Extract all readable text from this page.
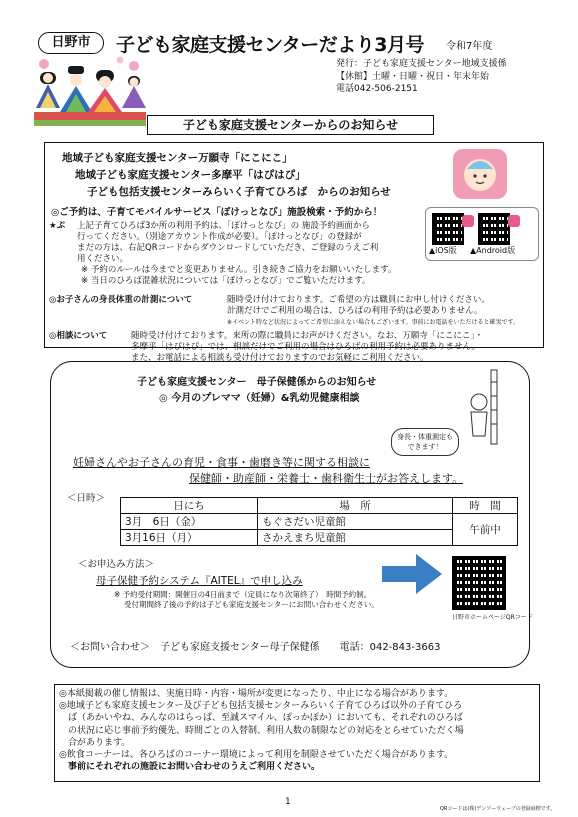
日野市	子ども家庭支援センターだより3月号 令和7年度
発行：子ども家庭支援センター地域支援係
【休館】土曜・日曜・祝日・年末年始
電話042-506-2151
子ども家庭支援センターからのお知らせ
地域子ども家庭支援センター万願寺「にこにこ」
地域子ども家庭支援センター多摩平「はぴはぴ」
子ども包括支援センターみらいく子育てひろば　からのお知らせ
◎ご予約は、子育てモバイルサービス「ぽけっとなび」施設検索・予約から！
★ぷ 上記子育てひろば3か所の利用予約は、「ぽけっとなび」の 施設予約画面から
行ってください。（別途アカウント作成が必要）。「ぽけっとなび」の登録が
まだの方は、右記QRコードからダウンロードしていただき、ご登録のうえご利
用ください。
※ 予約のルールは今までと変更ありません。引き続きご協力をお願いいたします。
※ 当日のひろば混雑状況については「ぽけっとなび」でご覧いただけます。
▲iOS版 ▲Android版
◎お子さんの身長体重の計測について	随時受け付けております。ご希望の方は職員にお申し付けください。
計測だけでご利用の場合は、ひろばの利用予約は必要ありません。
※イベント時など状況によってご希望に添えない場合もございます。事前にお電話をいただけると確実です。
◎相談について	随時受け付けております。来所の際に職員にお声がけください。なお、万願寺「にこにこ」・
多摩平「はぴはぴ」では、相談だけでご利用の場合はひろばの利用予約は必要ありません。
また、お電話による相談も受け付けておりますのでお気軽にご利用ください。
子ども家庭支援センター　母子保健係からのお知らせ
◎ 今月のプレママ（妊婦）&乳幼児健康相談
身長・体重測定も
できます！
妊婦さんやお子さんの育児・食事・歯磨き等に関する相談に
保健師・助産師・栄養士・歯科衛生士がお答えします。
＜日時＞
日にち	場　所	時　間
3月　6日（金）	もぐさだい児童館	午前中
3月16日（月）	さかえまち児童館	
＜お申込み方法＞
母子保健予約システム『AITEL』で申し込み
※ 予約受付期間：開催日の4日前まで（定員になり次第終了）　時間予約制。
受付期間終了後の予約は子ども家庭支援センターにお問い合わせください。
日野市ホームページQRコード
＜お問い合わせ＞　子ども家庭支援センター母子保健係　　電話：042-843-3663
◎本紙掲載の催し情報は、実施日時・内容・場所が変更になったり、中止になる場合があります。
◎地域子ども家庭支援センター及び子ども包括支援センターみらいく子育てひろば以外の子育てひろ
　ば（あかいやね、みんなのはらっぱ、至誠スマイル、ぽっかぽか）においても、それぞれのひろば
　の状況に応じ事前予約優先、時間ごとの入替制、利用人数の制限などの対応をとらせていただく場
　合があります。
◎飲食コーナーは、各ひろばのコーナー環境によって利用を制限させていただく場合があります。
　事前にそれぞれの施設にお問い合わせのうえご利用ください。
1
QRコードは(株)デンソーウェーブの登録商標です。
